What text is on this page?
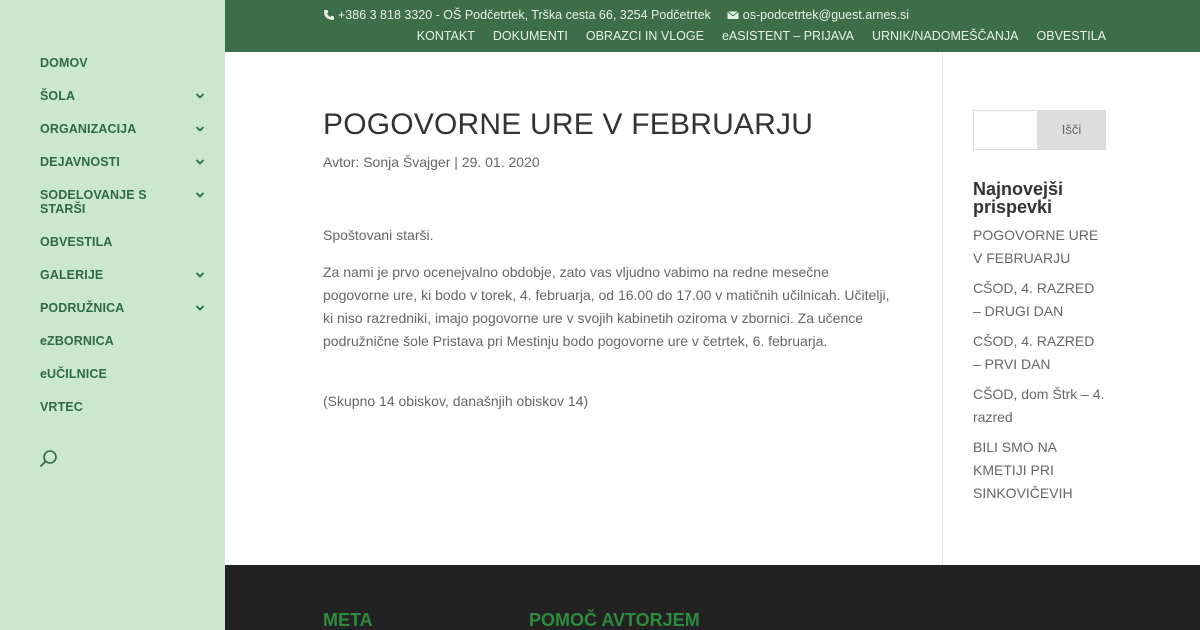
DOMOV
ŠOLA
ORGANIZACIJA
DEJAVNOSTI
SODELOVANJE S STARŠI
OBVESTILA
GALERIJE
PODRUŽNICA
eZBORNICA
eUČILNICE
VRTEC
+386 3 818 3320 - OŠ Podčetrtek, Trška cesta 66, 3254 Podčetrtek	os-podcetrtek@guest.arnes.si
KONTAKT DOKUMENTI OBRAZCI IN VLOGE eASISTENT – PRIJAVA URNIK/NADOMEŠČANJA OBVESTILA
POGOVORNE URE V FEBRUARJU
Avtor: Sonja Švajger | 29. 01. 2020

Spoštovani starši.

Za nami je prvo ocenejvalno obdobje, zato vas vljudno vabimo na redne mesečne pogovorne ure, ki bodo v torek, 4. februarja, od 16.00 do 17.00 v matičnih učilnicah. Učitelji, ki niso razredniki, imajo pogovorne ure v svojih kabinetih oziroma v zbornici. Za učence podružnične šole Pristava pri Mestinju bodo pogovorne ure v četrtek, 6. februarja.

(Skupno 14 obiskov, današnjih obiskov 14)

Išči
Najnovejši prispevki
POGOVORNE URE V FEBRUARJU
CŠOD, 4. RAZRED – DRUGI DAN
CŠOD, 4. RAZRED – PRVI DAN
CŠOD, dom Štrk – 4. razred
BILI SMO NA KMETIJI PRI SINKOVIČEVIH
META	POMOČ AVTORJEM
